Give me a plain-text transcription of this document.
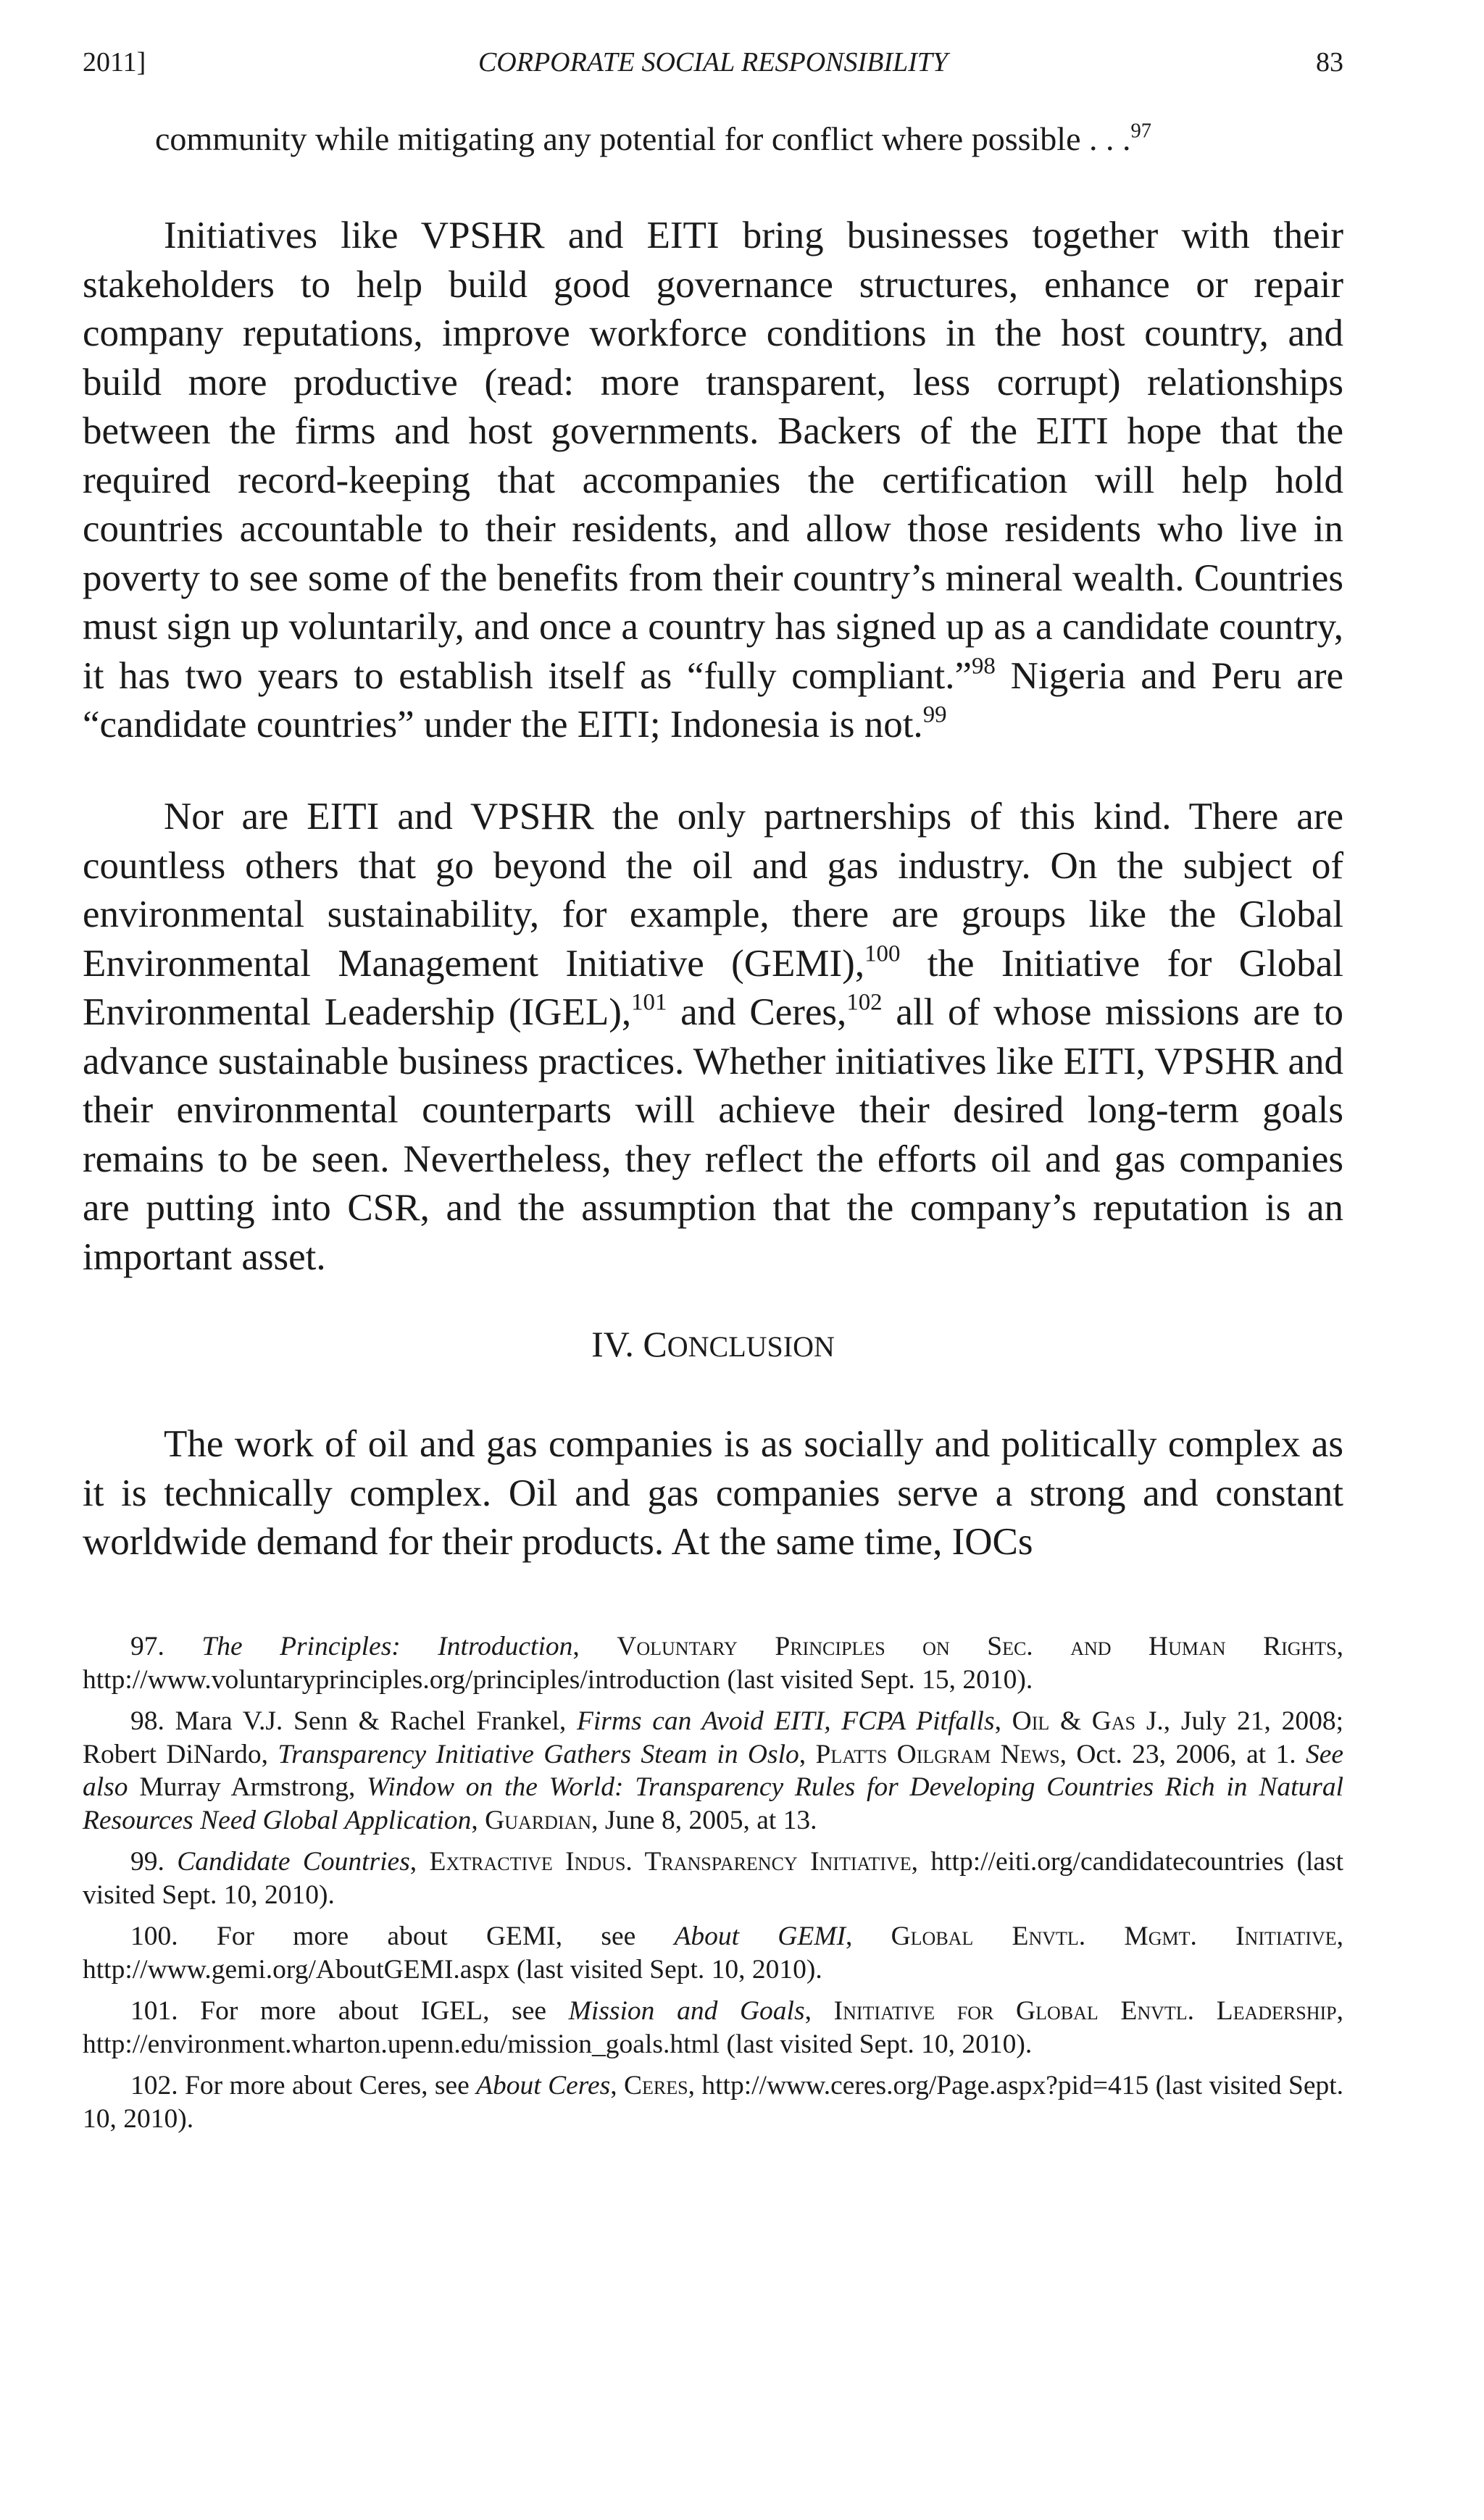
2011]	CORPORATE SOCIAL RESPONSIBILITY	83

community while mitigating any potential for conflict where possible . . .$^{97}$

Initiatives like VPSHR and EITI bring businesses together with their stakeholders to help build good governance structures, enhance or repair company reputations, improve workforce conditions in the host country, and build more productive (read: more transparent, less corrupt) relationships between the firms and host governments. Backers of the EITI hope that the required record-keeping that accompanies the certification will help hold countries accountable to their residents, and allow those residents who live in poverty to see some of the benefits from their country’s mineral wealth. Countries must sign up voluntarily, and once a country has signed up as a candidate country, it has two years to establish itself as “fully compliant.”$^{98}$ Nigeria and Peru are “candidate countries” under the EITI; Indonesia is not.$^{99}$

Nor are EITI and VPSHR the only partnerships of this kind. There are countless others that go beyond the oil and gas industry. On the subject of environmental sustainability, for example, there are groups like the Global Environmental Management Initiative (GEMI),$^{100}$ the Initiative for Global Environmental Leadership (IGEL),$^{101}$ and Ceres,$^{102}$ all of whose missions are to advance sustainable business practices. Whether initiatives like EITI, VPSHR and their environmental counterparts will achieve their desired long-term goals remains to be seen. Nevertheless, they reflect the efforts oil and gas companies are putting into CSR, and the assumption that the company’s reputation is an important asset.

IV. CONCLUSION

The work of oil and gas companies is as socially and politically complex as it is technically complex. Oil and gas companies serve a strong and constant worldwide demand for their products. At the same time, IOCs

97. The Principles: Introduction, Voluntary Principles on Sec. and Human Rights, http://www.voluntaryprinciples.org/principles/introduction (last visited Sept. 15, 2010).

98. Mara V.J. Senn & Rachel Frankel, Firms can Avoid EITI, FCPA Pitfalls, Oil & Gas J., July 21, 2008; Robert DiNardo, Transparency Initiative Gathers Steam in Oslo, Platts Oilgram News, Oct. 23, 2006, at 1. See also Murray Armstrong, Window on the World: Transparency Rules for Developing Countries Rich in Natural Resources Need Global Application, Guardian, June 8, 2005, at 13.

99. Candidate Countries, Extractive Indus. Transparency Initiative, http://eiti.org/candidatecountries (last visited Sept. 10, 2010).

100. For more about GEMI, see About GEMI, Global Envtl. Mgmt. Initiative, http://www.gemi.org/AboutGEMI.aspx (last visited Sept. 10, 2010).

101. For more about IGEL, see Mission and Goals, Initiative for Global Envtl. Leadership, http://environment.wharton.upenn.edu/mission_goals.html (last visited Sept. 10, 2010).

102. For more about Ceres, see About Ceres, Ceres, http://www.ceres.org/Page.aspx?pid=415 (last visited Sept. 10, 2010).
